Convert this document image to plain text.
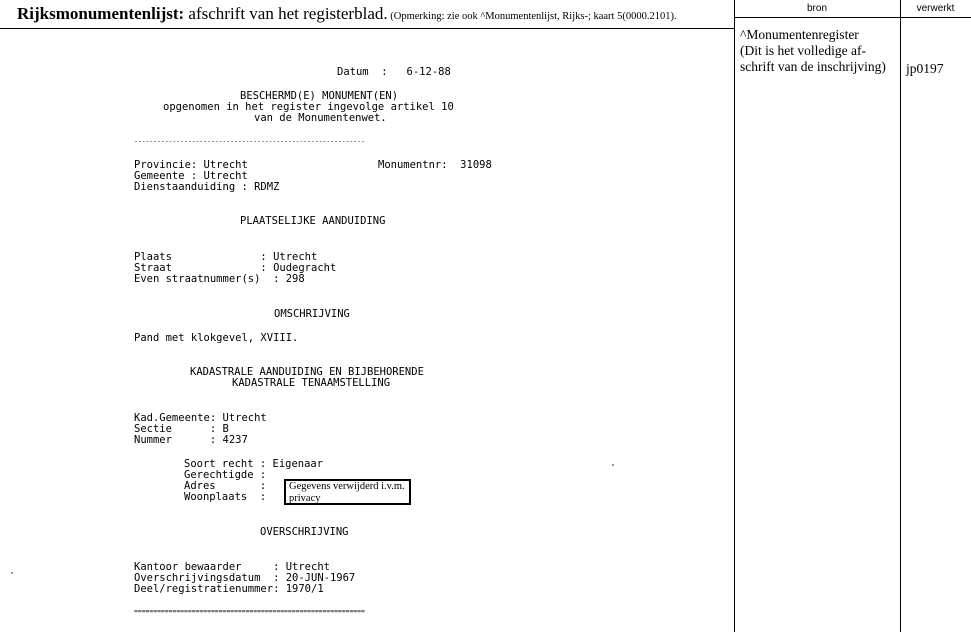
Rijksmonumentenlijst: afschrift van het registerblad. (Opmerking: zie ook ^Monumentenlijst, Rijks-; kaart 5(0000.2101).
bron	verwerkt
^Monumentenregister
(Dit is het volledige af-
schrift van de inschrijving)	jp0197
Datum  :   6-12-88
BESCHERMD(E) MONUMENT(EN)
opgenomen in het register ingevolge artikel 10
van de Monumentenwet.
------------------------------------------------------------
Provincie: Utrecht	Monumentnr:  31098
Gemeente : Utrecht
Dienstaanduiding : RDMZ
PLAATSELIJKE AANDUIDING
Plaats              : Utrecht
Straat              : Oudegracht
Even straatnummer(s)  : 298
OMSCHRIJVING
Pand met klokgevel, XVIII.
KADASTRALE AANDUIDING EN BIJBEHORENDE
KADASTRALE TENAAMSTELLING
Kad.Gemeente: Utrecht
Sectie      : B
Nummer      : 4237
Soort recht : Eigenaar
Gerechtigde :
Adres       :
Woonplaats  :
Gegevens verwijderd i.v.m. privacy
OVERSCHRIJVING
Kantoor bewaarder     : Utrecht
Overschrijvingsdatum  : 20-JUN-1967
Deel/registratienummer: 1970/1
============================================================
